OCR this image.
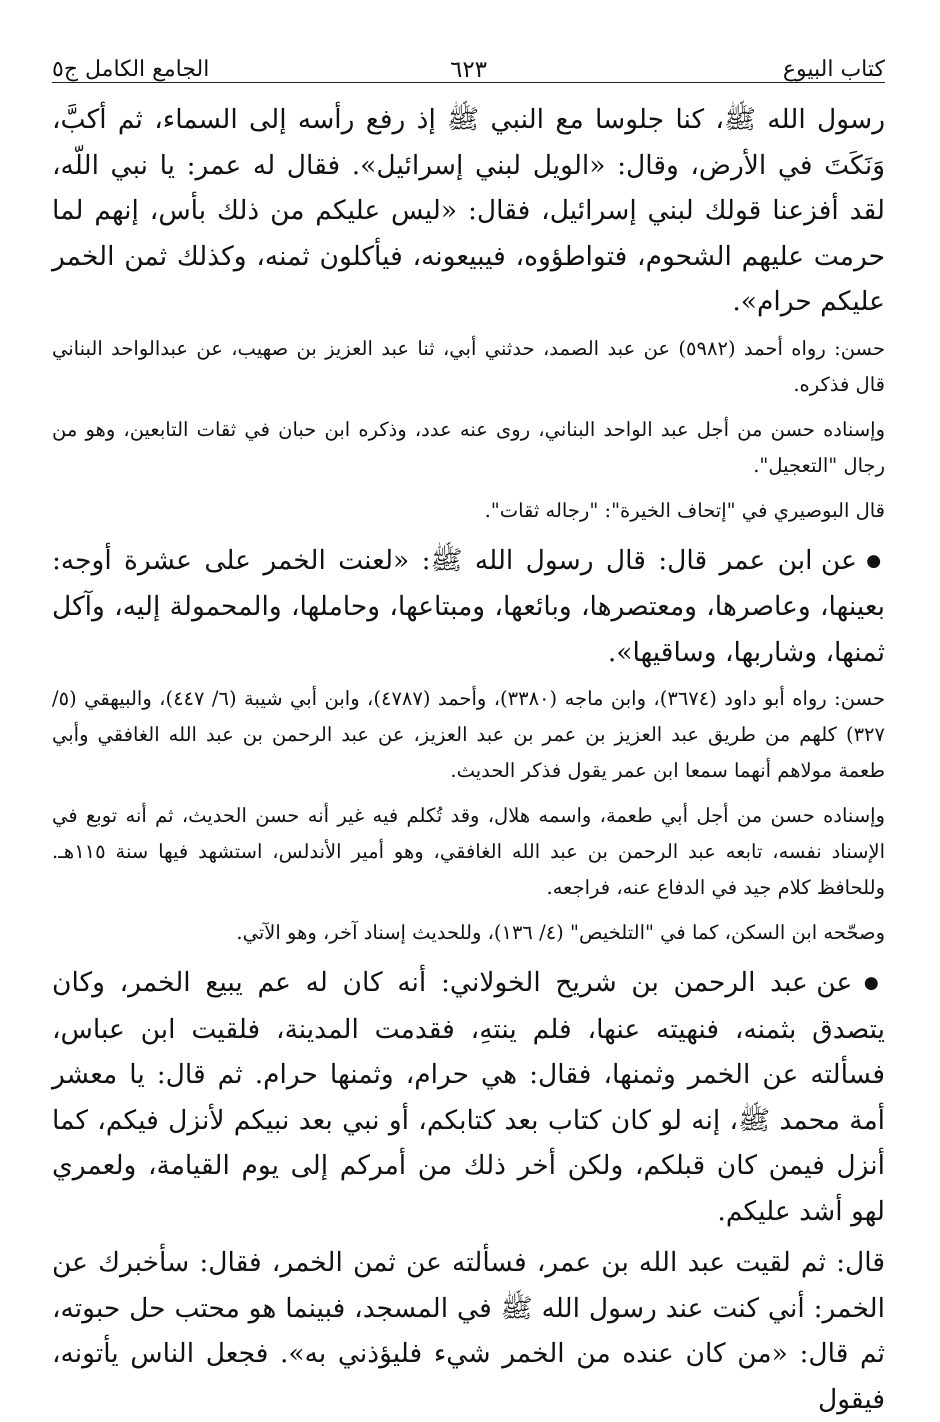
كتاب البيوع
٦٢٣
الجامع الكامل ج٥

رسول الله ﷺ، كنا جلوسا مع النبي ﷺ إذ رفع رأسه إلى السماء، ثم أكبَّ، وَنَكَتَ في الأرض، وقال: «الويل لبني إسرائيل». فقال له عمر: يا نبي اللّه، لقد أفزعنا قولك لبني إسرائيل، فقال: «ليس عليكم من ذلك بأس، إنهم لما حرمت عليهم الشحوم، فتواطؤوه، فيبيعونه، فيأكلون ثمنه، وكذلك ثمن الخمر عليكم حرام».

حسن: رواه أحمد (٥٩٨٢) عن عبد الصمد، حدثني أبي، ثنا عبد العزيز بن صهيب، عن عبدالواحد البناني قال فذكره.

وإسناده حسن من أجل عبد الواحد البناني، روى عنه عدد، وذكره ابن حبان في ثقات التابعين، وهو من رجال "التعجيل".

قال البوصيري في "إتحاف الخيرة": "رجاله ثقات".

● عن ابن عمر قال: قال رسول الله ﷺ: «لعنت الخمر على عشرة أوجه: بعينها، وعاصرها، ومعتصرها، وبائعها، ومبتاعها، وحاملها، والمحمولة إليه، وآكل ثمنها، وشاربها، وساقيها».

حسن: رواه أبو داود (٣٦٧٤)، وابن ماجه (٣٣٨٠)، وأحمد (٤٧٨٧)، وابن أبي شيبة (٦/ ٤٤٧)، والبيهقي (٥/ ٣٢٧) كلهم من طريق عبد العزيز بن عمر بن عبد العزيز، عن عبد الرحمن بن عبد الله الغافقي وأبي طعمة مولاهم أنهما سمعا ابن عمر يقول فذكر الحديث.

وإسناده حسن من أجل أبي طعمة، واسمه هلال، وقد تُكلم فيه غير أنه حسن الحديث، ثم أنه توبع في الإسناد نفسه، تابعه عبد الرحمن بن عبد الله الغافقي، وهو أمير الأندلس، استشهد فيها سنة ١١٥هـ. وللحافظ كلام جيد في الدفاع عنه، فراجعه.

وصحّحه ابن السكن، كما في "التلخيص" (٤/ ١٣٦)، وللحديث إسناد آخر، وهو الآتي.

● عن عبد الرحمن بن شريح الخولاني: أنه كان له عم يبيع الخمر، وكان يتصدق بثمنه، فنهيته عنها، فلم ينتهِ، فقدمت المدينة، فلقيت ابن عباس، فسألته عن الخمر وثمنها، فقال: هي حرام، وثمنها حرام. ثم قال: يا معشر أمة محمد ﷺ، إنه لو كان كتاب بعد كتابكم، أو نبي بعد نبيكم لأنزل فيكم، كما أنزل فيمن كان قبلكم، ولكن أخر ذلك من أمركم إلى يوم القيامة، ولعمري لهو أشد عليكم.

قال: ثم لقيت عبد الله بن عمر، فسألته عن ثمن الخمر، فقال: سأخبرك عن الخمر: أني كنت عند رسول الله ﷺ في المسجد، فبينما هو محتب حل حبوته، ثم قال: «من كان عنده من الخمر شيء فليؤذني به». فجعل الناس يأتونه، فيقول
